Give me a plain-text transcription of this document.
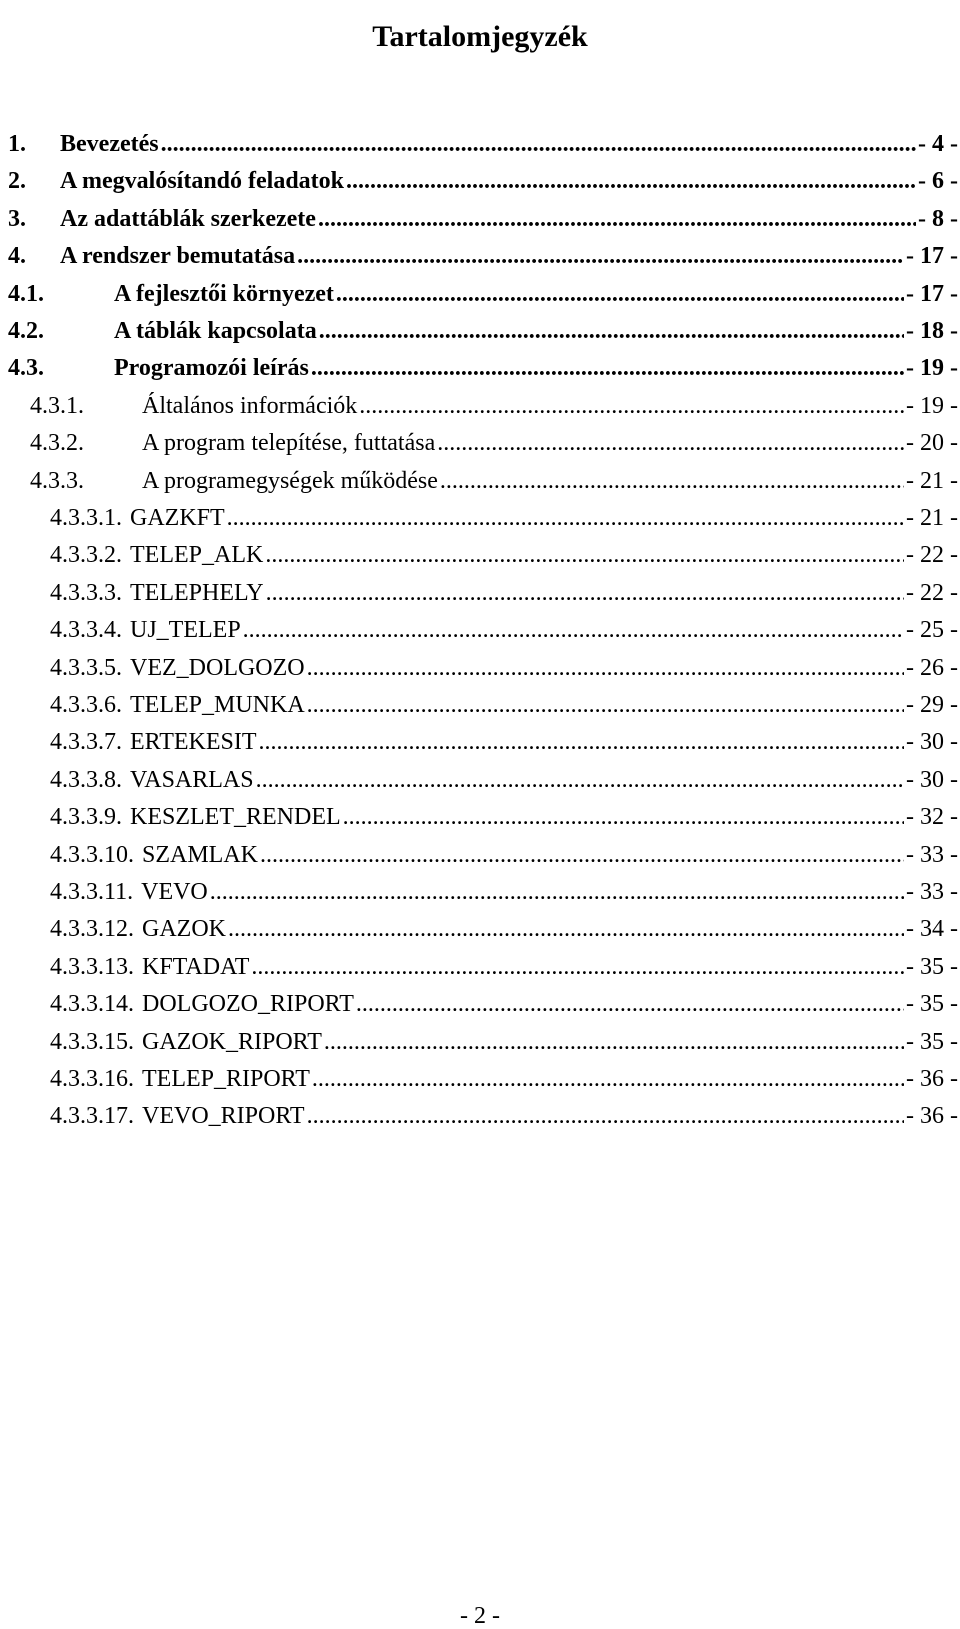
Tartalomjegyzék
1.	Bevezetés .....	- 4 -
2.	A megvalósítandó feladatok .....	- 6 -
3.	Az adattáblák szerkezete .....	- 8 -
4.	A rendszer bemutatása .....	- 17 -
4.1.	A fejlesztői környezet .....	- 17 -
4.2.	A táblák kapcsolata .....	- 18 -
4.3.	Programozói leírás .....	- 19 -
4.3.1.	Általános információk .....	- 19 -
4.3.2.	A program telepítése, futtatása .....	- 20 -
4.3.3.	A programegységek működése .....	- 21 -
4.3.3.1. GAZKFT .....	- 21 -
4.3.3.2. TELEP_ALK .....	- 22 -
4.3.3.3. TELEPHELY .....	- 22 -
4.3.3.4. UJ_TELEP .....	- 25 -
4.3.3.5. VEZ_DOLGOZO .....	- 26 -
4.3.3.6. TELEP_MUNKA .....	- 29 -
4.3.3.7. ERTEKESIT .....	- 30 -
4.3.3.8. VASARLAS .....	- 30 -
4.3.3.9. KESZLET_RENDEL .....	- 32 -
4.3.3.10. SZAMLAK .....	- 33 -
4.3.3.11. VEVO .....	- 33 -
4.3.3.12. GAZOK .....	- 34 -
4.3.3.13. KFTADAT .....	- 35 -
4.3.3.14. DOLGOZO_RIPORT .....	- 35 -
4.3.3.15. GAZOK_RIPORT .....	- 35 -
4.3.3.16. TELEP_RIPORT .....	- 36 -
4.3.3.17. VEVO_RIPORT .....	- 36 -
- 2 -
